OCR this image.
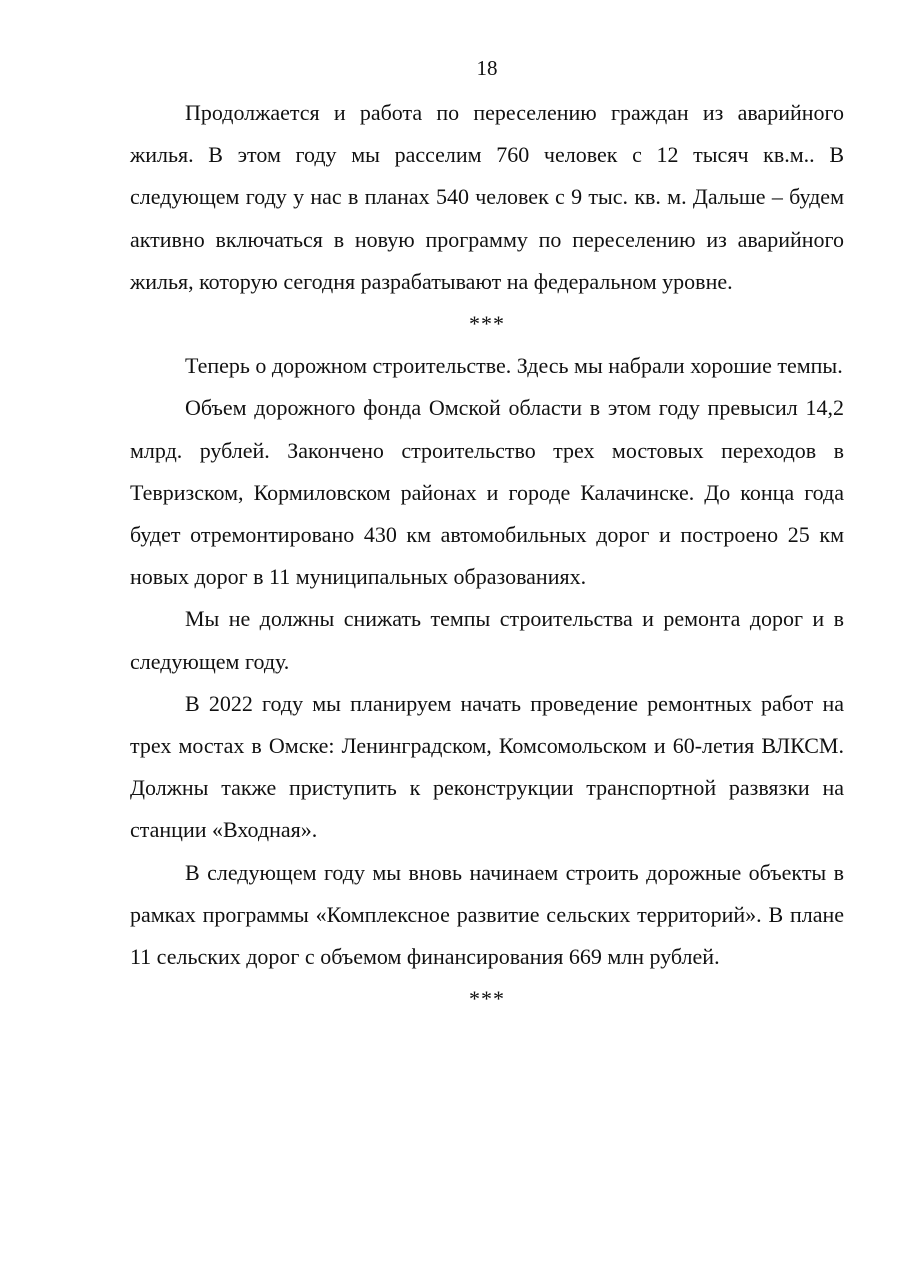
18

Продолжается и работа по переселению граждан из аварийного жилья. В этом году мы расселим 760 человек с 12 тысяч кв.м.. В следующем году у нас в планах 540 человек с 9 тыс. кв. м. Дальше – будем активно включаться в новую программу по переселению из аварийного жилья, которую сегодня разрабатывают на федеральном уровне.

***

Теперь о дорожном строительстве. Здесь мы набрали хорошие темпы.

Объем дорожного фонда Омской области в этом году превысил 14,2 млрд. рублей. Закончено строительство трех мостовых переходов в Тевризском, Кормиловском районах и городе Калачинске. До конца года будет отремонтировано 430 км автомобильных дорог и построено 25 км новых дорог в 11 муниципальных образованиях.

Мы не должны снижать темпы строительства и ремонта дорог и в следующем году.

В 2022 году мы планируем начать проведение ремонтных работ на трех мостах в Омске: Ленинградском, Комсомольском и 60-летия ВЛКСМ. Должны также приступить к реконструкции транспортной развязки на станции «Входная».

В следующем году мы вновь начинаем строить дорожные объекты в рамках программы «Комплексное развитие сельских территорий». В плане 11 сельских дорог с объемом финансирования 669 млн рублей.

***
